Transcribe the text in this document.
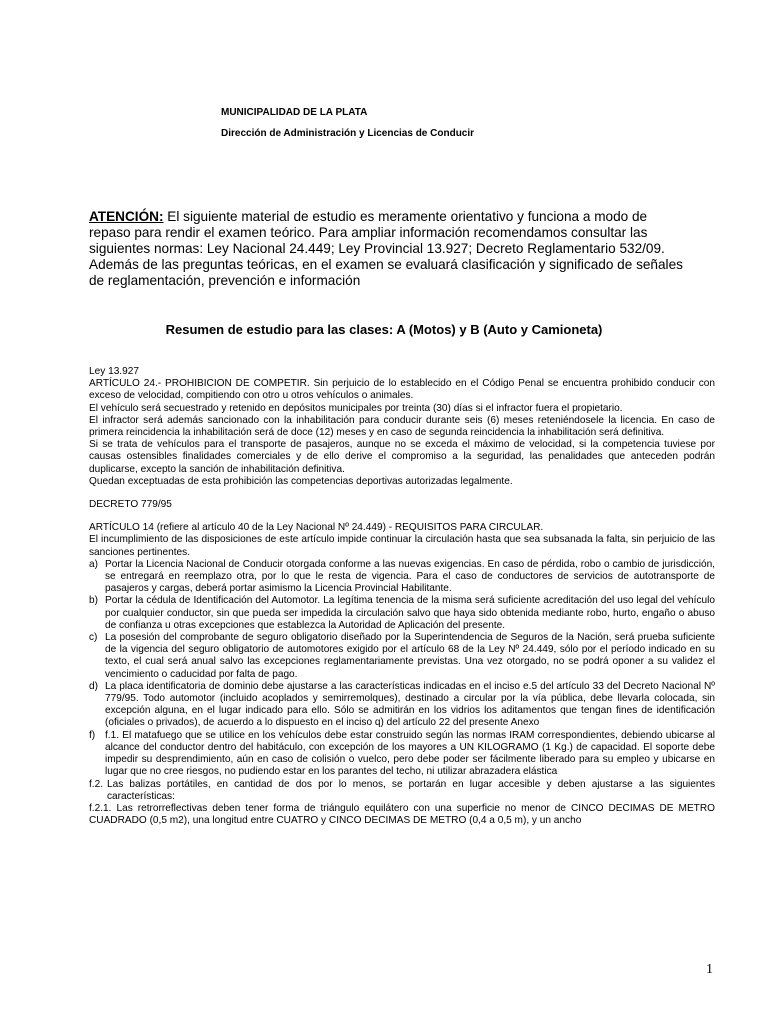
MUNICIPALIDAD DE LA PLATA
Dirección de Administración y Licencias de Conducir

ATENCIÓN: El siguiente material de estudio es meramente orientativo y funciona a modo de repaso para rendir el examen teórico. Para ampliar información recomendamos consultar las siguientes normas: Ley Nacional 24.449; Ley Provincial 13.927; Decreto Reglamentario 532/09.

Además de las preguntas teóricas, en el examen se evaluará clasificación y significado de señales de reglamentación, prevención e información

Resumen de estudio para las clases: A (Motos) y B (Auto y Camioneta)

Ley 13.927

ARTÍCULO 24.- PROHIBICION DE COMPETIR. Sin perjuicio de lo establecido en el Código Penal se encuentra prohibido conducir con exceso de velocidad, compitiendo con otro u otros vehículos o animales.

El vehículo será secuestrado y retenido en depósitos municipales por treinta (30) días si el infractor fuera el propietario.

El infractor será además sancionado con la inhabilitación para conducir durante seis (6) meses reteniéndosele la licencia. En caso de primera reincidencia la inhabilitación será de doce (12) meses y en caso de segunda reincidencia la inhabilitación será definitiva.

Si se trata de vehículos para el transporte de pasajeros, aunque no se exceda el máximo de velocidad, si la competencia tuviese por causas ostensibles finalidades comerciales y de ello derive el compromiso a la seguridad, las penalidades que anteceden podrán duplicarse, excepto la sanción de inhabilitación definitiva.

Quedan exceptuadas de esta prohibición las competencias deportivas autorizadas legalmente.

DECRETO 779/95

ARTÍCULO 14 (refiere al artículo 40 de la Ley Nacional Nº 24.449) - REQUISITOS PARA CIRCULAR.

El incumplimiento de las disposiciones de este artículo impide continuar la circulación hasta que sea subsanada la falta, sin perjuicio de las sanciones pertinentes.

a) Portar la Licencia Nacional de Conducir otorgada conforme a las nuevas exigencias. En caso de pérdida, robo o cambio de jurisdicción, se entregará en reemplazo otra, por lo que le resta de vigencia. Para el caso de conductores de servicios de autotransporte de pasajeros y cargas, deberá portar asimismo la Licencia Provincial Habilitante.
b) Portar la cédula de Identificación del Automotor. La legítima tenencia de la misma será suficiente acreditación del uso legal del vehículo por cualquier conductor, sin que pueda ser impedida la circulación salvo que haya sido obtenida mediante robo, hurto, engaño o abuso de confianza u otras excepciones que establezca la Autoridad de Aplicación del presente.
c) La posesión del comprobante de seguro obligatorio diseñado por la Superintendencia de Seguros de la Nación, será prueba suficiente de la vigencia del seguro obligatorio de automotores exigido por el artículo 68 de la Ley Nº 24.449, sólo por el período indicado en su texto, el cual será anual salvo las excepciones reglamentariamente previstas. Una vez otorgado, no se podrá oponer a su validez el vencimiento o caducidad por falta de pago.
d) La placa identificatoria de dominio debe ajustarse a las características indicadas en el inciso e.5 del artículo 33 del Decreto Nacional Nº 779/95. Todo automotor (incluido acoplados y semirremolques), destinado a circular por la vía pública, debe llevarla colocada, sin excepción alguna, en el lugar indicado para ello. Sólo se admitirán en los vidrios los aditamentos que tengan fines de identificación (oficiales o privados), de acuerdo a lo dispuesto en el inciso q) del artículo 22 del presente Anexo
f) f.1. El matafuego que se utilice en los vehículos debe estar construido según las normas IRAM correspondientes, debiendo ubicarse al alcance del conductor dentro del habitáculo, con excepción de los mayores a UN KILOGRAMO (1 Kg.) de capacidad. El soporte debe impedir su desprendimiento, aún en caso de colisión o vuelco, pero debe poder ser fácilmente liberado para su empleo y ubicarse en lugar que no cree riesgos, no pudiendo estar en los parantes del techo, ni utilizar abrazadera elástica
f.2. Las balizas portátiles, en cantidad de dos por lo menos, se portarán en lugar accesible y deben ajustarse a las siguientes características:
f.2.1. Las retrorreflectivas deben tener forma de triángulo equilátero con una superficie no menor de CINCO DECIMAS DE METRO CUADRADO (0,5 m2), una longitud entre CUATRO y CINCO DECIMAS DE METRO (0,4 a 0,5 m), y un ancho
1
